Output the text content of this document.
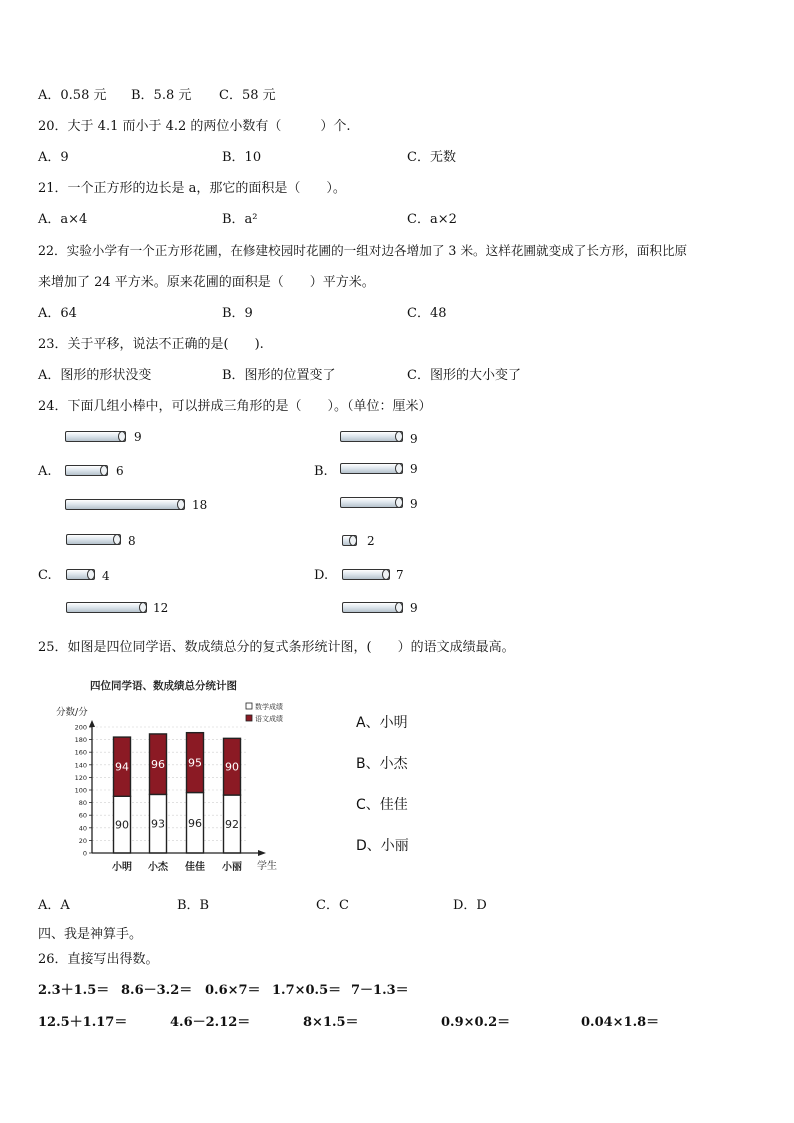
A．0.58 元 B．5.8 元 C．58 元
20．大于 4.1 而小于 4.2 的两位小数有（　　　）个.
A．9	B．10	C．无数
21．一个正方形的边长是 a，那它的面积是（　　）。
A．a×4	B．a²	C．a×2
22．实验小学有一个正方形花圃，在修建校园时花圃的一组对边各增加了 3 米。这样花圃就变成了长方形，面积比原
来增加了 24 平方米。原来花圃的面积是（　　）平方米。
A．64	B．9	C．48
23．关于平移，说法不正确的是(　　).
A．图形的形状没变	B．图形的位置变了	C．图形的大小变了
24．下面几组小棒中，可以拼成三角形的是（　　）。（单位：厘米）
A.
9
6
18
B.
9
9
9
C.
8
4
12
D.
2
7
9
25．如图是四位同学语、数成绩总分的复式条形统计图，(　　）的语文成绩最高。
四位同学语、数成绩总分统计图
分数/分
学生
0
20
40
60
80
100
120
140
160
180
200
90
94
93
96
96
95
92
90
小明 小杰 佳佳 小丽
数学成绩
语文成绩	A、小明
B、小杰
C、佳佳
D、小丽
A．A	B．B	C．C	D．D
四、我是神算手。
26．直接写出得数。
2.3＋1.5＝ 8.6－3.2＝ 0.6×7＝ 1.7×0.5＝ 7－1.3＝
12.5＋1.17＝	4.6－2.12＝	8×1.5＝	0.9×0.2＝	0.04×1.8＝
